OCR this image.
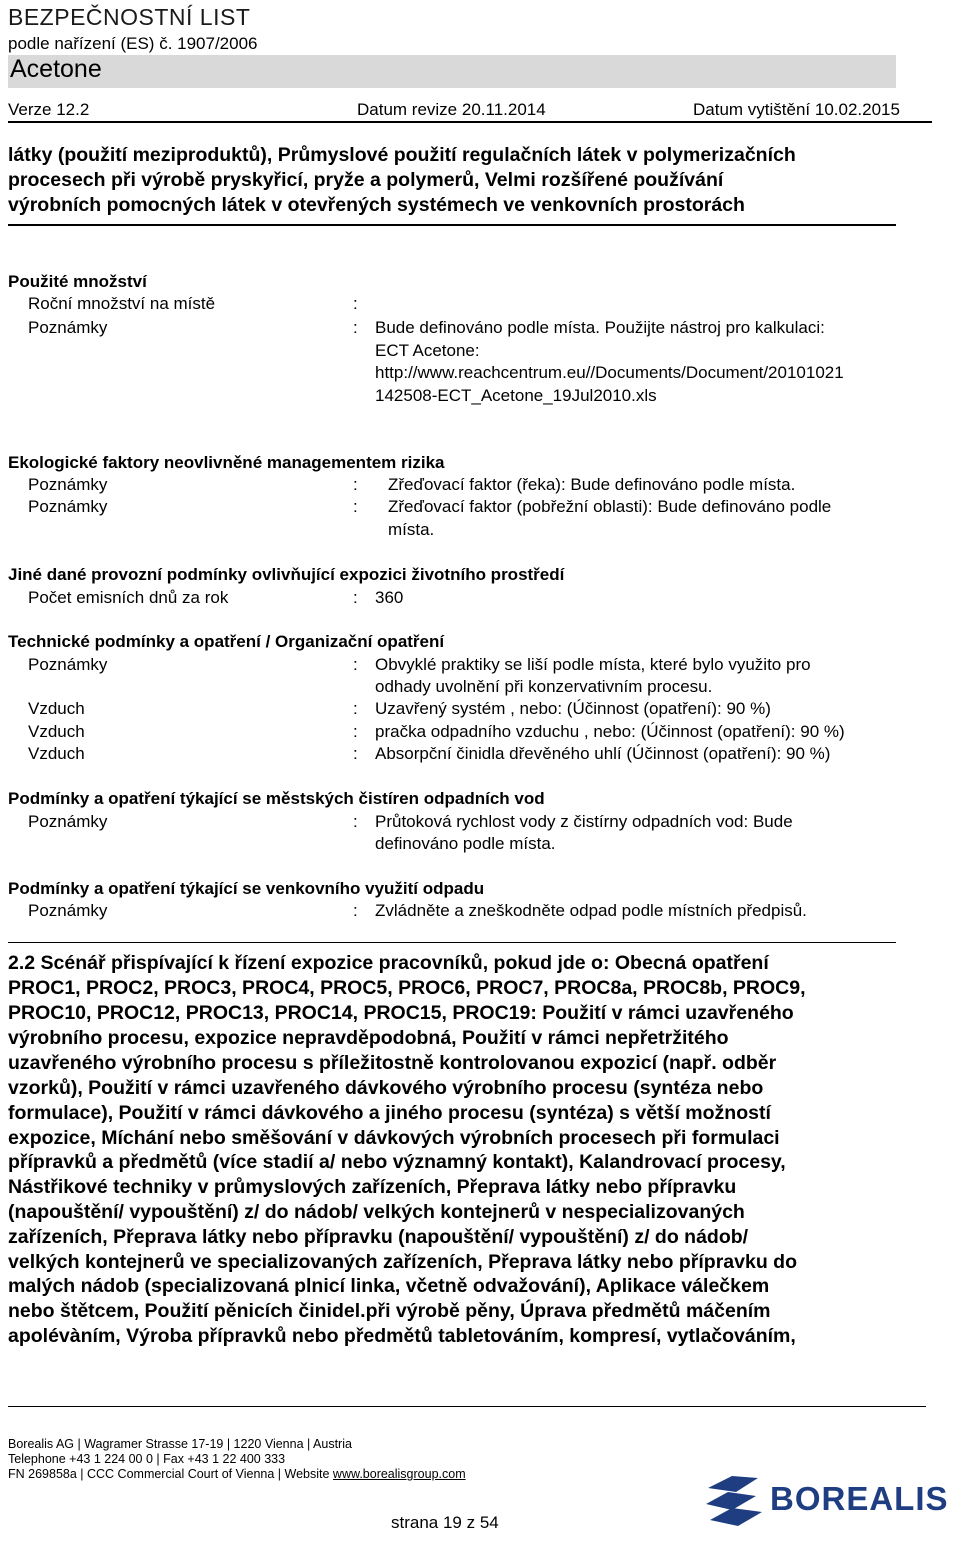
BEZPEČNOSTNÍ LIST
podle nařízení (ES) č. 1907/2006
Acetone
Verze 12.2	Datum revize 20.11.2014	Datum vytištění 10.02.2015
látky (použití meziproduktů), Průmyslové použití regulačních látek v polymerizačních
procesech při výrobě pryskyřicí, pryže a polymerů, Velmi rozšířené používání
výrobních pomocných látek v otevřených systémech ve venkovních prostorách
Použité množství
Roční množství na místě	:
Poznámky	: Bude definováno podle místa. Použijte nástroj pro kalkulaci:
ECT Acetone:
http://www.reachcentrum.eu//Documents/Document/20101021
142508-ECT_Acetone_19Jul2010.xls
Ekologické faktory neovlivněné managementem rizika
Poznámky	: Zřeďovací faktor (řeka): Bude definováno podle místa.
Poznámky	: Zřeďovací faktor (pobřežní oblasti): Bude definováno podle
místa.
Jiné dané provozní podmínky ovlivňující expozici životního prostředí
Počet emisních dnů za rok	: 360
Technické podmínky a opatření / Organizační opatření
Poznámky	: Obvyklé praktiky se liší podle místa, které bylo využito pro
odhady uvolnění při konzervativním procesu.
Vzduch	: Uzavřený systém , nebo: (Účinnost (opatření): 90 %)
Vzduch	: pračka odpadního vzduchu , nebo: (Účinnost (opatření): 90 %)
Vzduch	: Absorpční činidla dřevěného uhlí (Účinnost (opatření): 90 %)
Podmínky a opatření týkající se městských čistíren odpadních vod
Poznámky	: Průtoková rychlost vody z čistírny odpadních vod: Bude
definováno podle místa.
Podmínky a opatření týkající se venkovního využití odpadu
Poznámky	: Zvládněte a zneškodněte odpad podle místních předpisů.
2.2 Scénář přispívající k řízení expozice pracovníků, pokud jde o: Obecná opatření
PROC1, PROC2, PROC3, PROC4, PROC5, PROC6, PROC7, PROC8a, PROC8b, PROC9,
PROC10, PROC12, PROC13, PROC14, PROC15, PROC19: Použití v rámci uzavřeného
výrobního procesu, expozice nepravděpodobná, Použití v rámci nepřetržitého
uzavřeného výrobního procesu s příležitostně kontrolovanou expozicí (např. odběr
vzorků), Použití v rámci uzavřeného dávkového výrobního procesu (syntéza nebo
formulace), Použití v rámci dávkového a jiného procesu (syntéza) s větší možností
expozice, Míchání nebo směšování v dávkových výrobních procesech při formulaci
přípravků a předmětů (více stadií a/ nebo významný kontakt), Kalandrovací procesy,
Nástřikové techniky v průmyslových zařízeních, Přeprava látky nebo přípravku
(napouštění/ vypouštění) z/ do nádob/ velkých kontejnerů v nespecializovaných
zařízeních, Přeprava látky nebo přípravku (napouštění/ vypouštění) z/ do nádob/
velkých kontejnerů ve specializovaných zařízeních, Přeprava látky nebo přípravku do
malých nádob (specializovaná plnicí linka, včetně odvažování), Aplikace válečkem
nebo štětcem, Použití pěnicích činidel.při výrobě pěny, Úprava předmětů máčením
apolévàním, Výroba přípravků nebo předmětů tabletováním, kompresí, vytlačováním,
Borealis AG | Wagramer Strasse 17-19 | 1220 Vienna | Austria
Telephone +43 1 224 00 0 | Fax +43 1 22 400 333
FN 269858a | CCC Commercial Court of Vienna | Website www.borealisgroup.com
BOREALIS
strana 19 z 54
